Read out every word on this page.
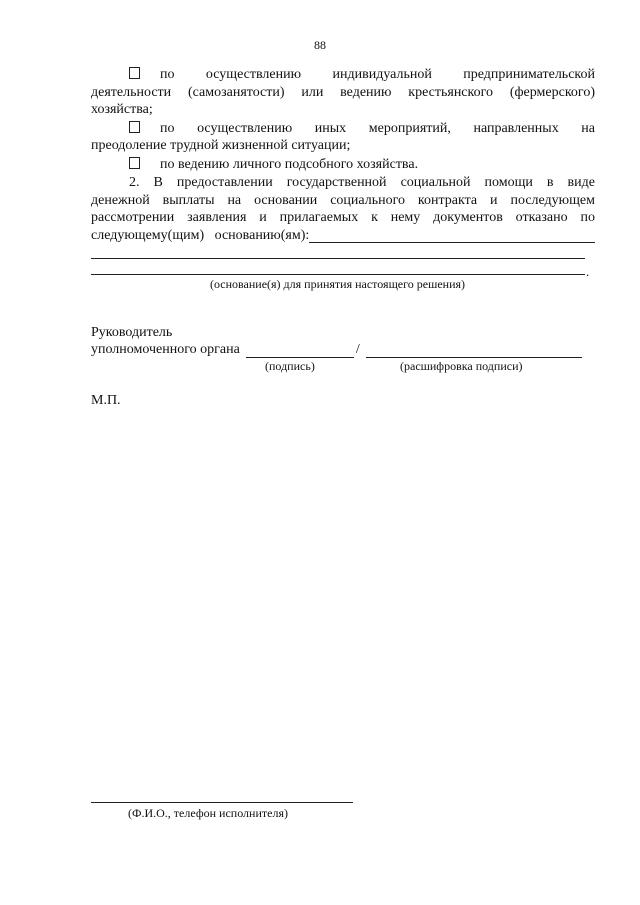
88
по осуществлению индивидуальной предпринимательской
деятельности (самозанятости) или ведению крестьянского (фермерского)
хозяйства;
по осуществлению иных мероприятий, направленных на
преодоление трудной жизненной ситуации;
по ведению личного подсобного хозяйства.
2. В предоставлении государственной социальной помощи в виде
денежной выплаты на основании социального контракта и последующем
рассмотрении заявления и прилагаемых к нему документов отказано по
следующему(щим)   основанию(ям):
.
(основание(я) для принятия настоящего решения)
Руководитель
уполномоченного органа	/
(подпись)	(расшифровка подписи)
М.П.
(Ф.И.О., телефон исполнителя)
